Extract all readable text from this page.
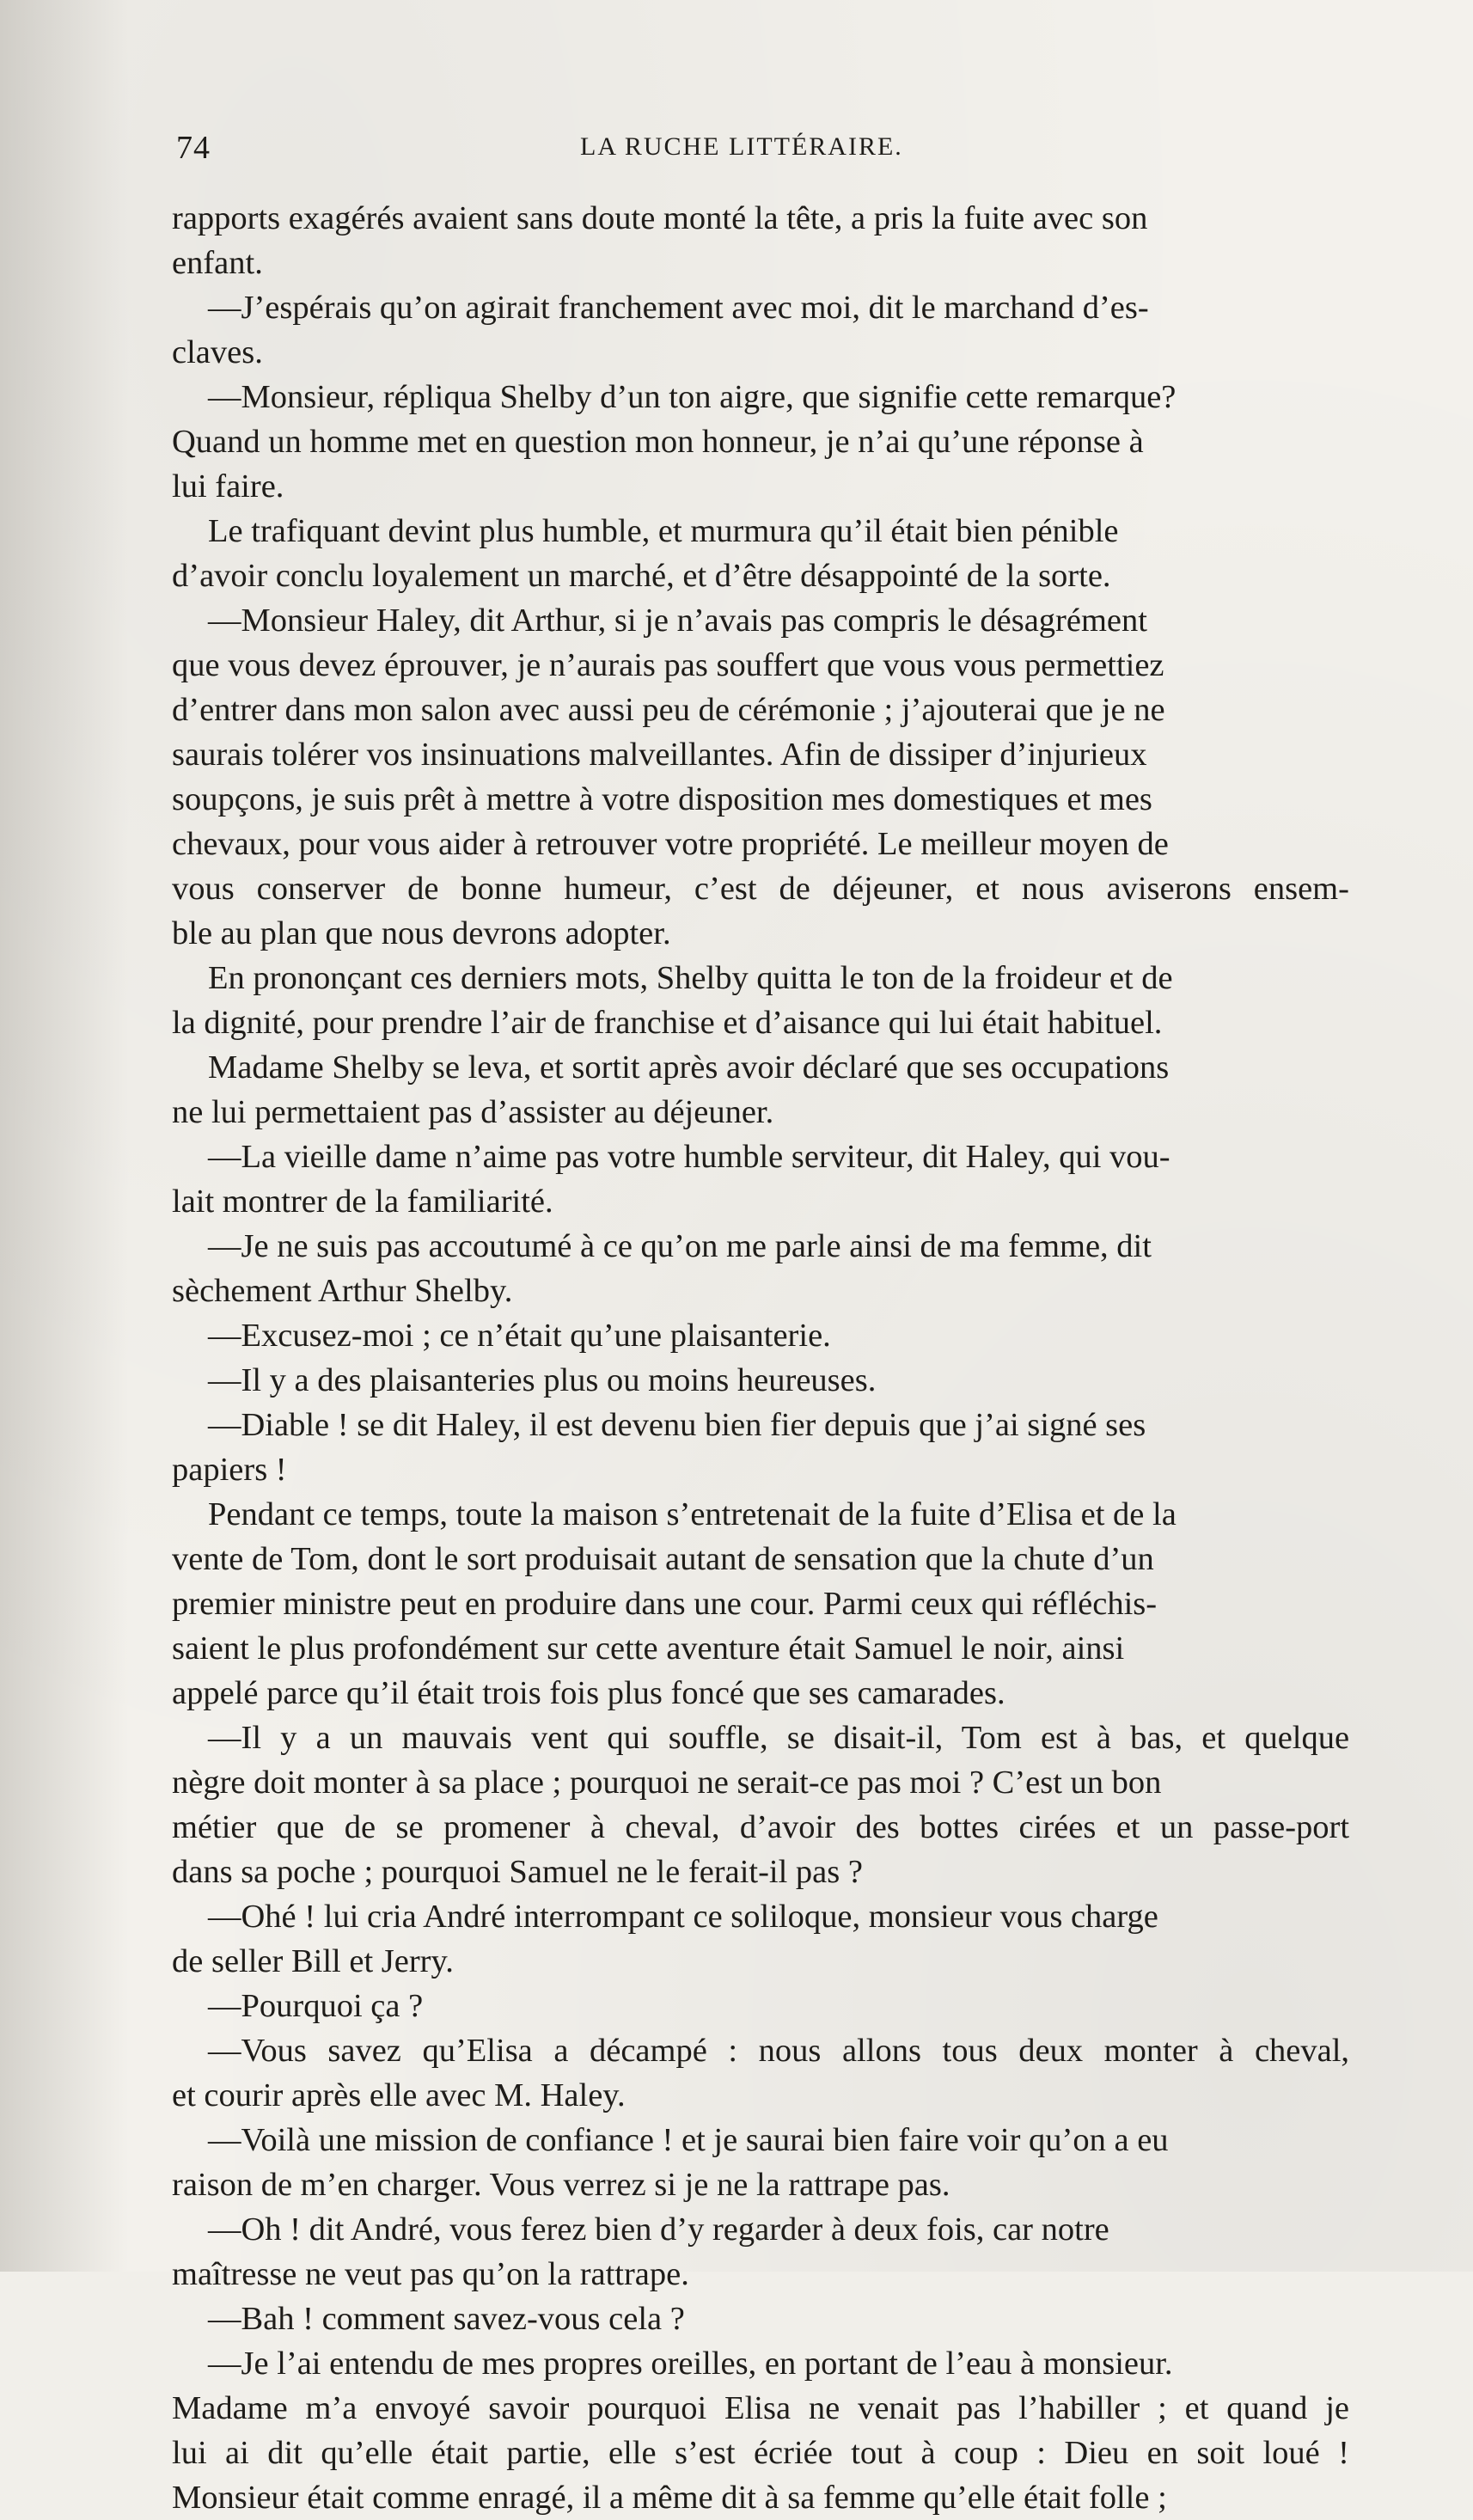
74	LA RUCHE LITTÉRAIRE.
rapports exagérés avaient sans doute monté la tête, a pris la fuite avec son
enfant.
—J’espérais qu’on agirait franchement avec moi, dit le marchand d’es-
claves.
—Monsieur, répliqua Shelby d’un ton aigre, que signifie cette remarque?
Quand un homme met en question mon honneur, je n’ai qu’une réponse à
lui faire.
Le trafiquant devint plus humble, et murmura qu’il était bien pénible
d’avoir conclu loyalement un marché, et d’être désappointé de la sorte.
—Monsieur Haley, dit Arthur, si je n’avais pas compris le désagrément
que vous devez éprouver, je n’aurais pas souffert que vous vous permettiez
d’entrer dans mon salon avec aussi peu de cérémonie ; j’ajouterai que je ne
saurais tolérer vos insinuations malveillantes. Afin de dissiper d’injurieux
soupçons, je suis prêt à mettre à votre disposition mes domestiques et mes
chevaux, pour vous aider à retrouver votre propriété. Le meilleur moyen de
vous conserver de bonne humeur, c’est de déjeuner, et nous aviserons ensem-
ble au plan que nous devrons adopter.
En prononçant ces derniers mots, Shelby quitta le ton de la froideur et de
la dignité, pour prendre l’air de franchise et d’aisance qui lui était habituel.
Madame Shelby se leva, et sortit après avoir déclaré que ses occupations
ne lui permettaient pas d’assister au déjeuner.
—La vieille dame n’aime pas votre humble serviteur, dit Haley, qui vou-
lait montrer de la familiarité.
—Je ne suis pas accoutumé à ce qu’on me parle ainsi de ma femme, dit
sèchement Arthur Shelby.
—Excusez-moi ; ce n’était qu’une plaisanterie.
—Il y a des plaisanteries plus ou moins heureuses.
—Diable ! se dit Haley, il est devenu bien fier depuis que j’ai signé ses
papiers !
Pendant ce temps, toute la maison s’entretenait de la fuite d’Elisa et de la
vente de Tom, dont le sort produisait autant de sensation que la chute d’un
premier ministre peut en produire dans une cour. Parmi ceux qui réfléchis-
saient le plus profondément sur cette aventure était Samuel le noir, ainsi
appelé parce qu’il était trois fois plus foncé que ses camarades.
—Il y a un mauvais vent qui souffle, se disait-il, Tom est à bas, et quelque
nègre doit monter à sa place ; pourquoi ne serait-ce pas moi ? C’est un bon
métier que de se promener à cheval, d’avoir des bottes cirées et un passe-port
dans sa poche ; pourquoi Samuel ne le ferait-il pas ?
—Ohé ! lui cria André interrompant ce soliloque, monsieur vous charge
de seller Bill et Jerry.
—Pourquoi ça ?
—Vous savez qu’Elisa a décampé : nous allons tous deux monter à cheval,
et courir après elle avec M. Haley.
—Voilà une mission de confiance ! et je saurai bien faire voir qu’on a eu
raison de m’en charger. Vous verrez si je ne la rattrape pas.
—Oh ! dit André, vous ferez bien d’y regarder à deux fois, car notre
maîtresse ne veut pas qu’on la rattrape.
—Bah ! comment savez-vous cela ?
—Je l’ai entendu de mes propres oreilles, en portant de l’eau à monsieur.
Madame m’a envoyé savoir pourquoi Elisa ne venait pas l’habiller ; et quand je
lui ai dit qu’elle était partie, elle s’est écriée tout à coup : Dieu en soit loué !
Monsieur était comme enragé, il a même dit à sa femme qu’elle était folle ;
